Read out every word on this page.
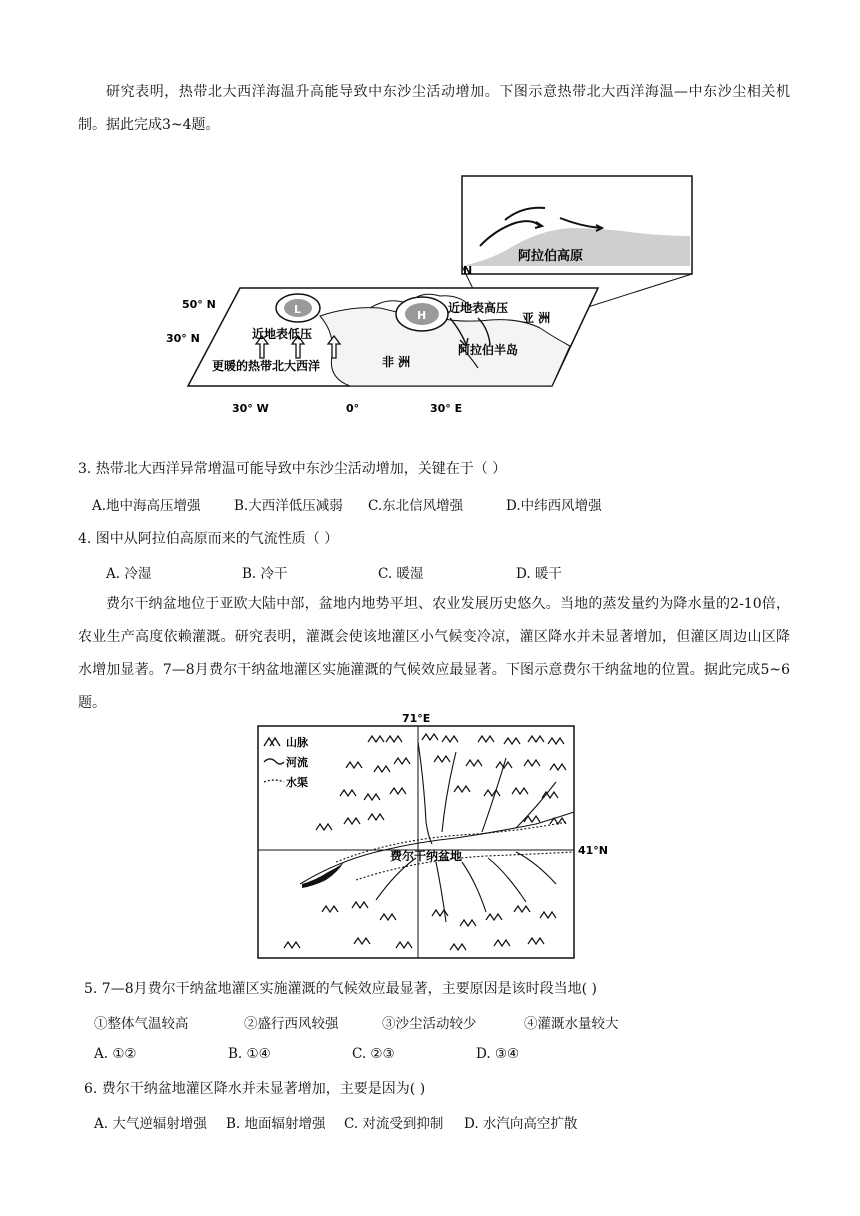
研究表明，热带北大西洋海温升高能导致中东沙尘活动增加。下图示意热带北大西洋海温—中东沙尘相关机制。据此完成3~4题。

阿拉伯高原
N
L	H
50° N
30° N
30° W	0°	30° E
近地表低压
近地表高压
更暖的热带北大西洋
亚 洲
非 洲
阿拉伯半岛
3. 热带北大西洋异常增温可能导致中东沙尘活动增加，关键在于（ ）
A.地中海高压增强 B.大西洋低压减弱 C.东北信风增强	D.中纬西风增强
4. 图中从阿拉伯高原而来的气流性质（ ）
A. 冷湿	B. 冷干	C. 暖湿	D. 暖干

费尔干纳盆地位于亚欧大陆中部，盆地内地势平坦、农业发展历史悠久。当地的蒸发量约为降水量的2-10倍，农业生产高度依赖灌溉。研究表明，灌溉会使该地灌区小气候变冷凉，灌区降水并未显著增加，但灌区周边山区降水增加显著。7—8月费尔干纳盆地灌区实施灌溉的气候效应最显著。下图示意费尔干纳盆地的位置。据此完成5~6题。

71°E
41°N
山脉
河流
水渠
费尔干纳盆地
5. 7—8月费尔干纳盆地灌区实施灌溉的气候效应最显著，主要原因是该时段当地( )
①整体气温较高	②盛行西风较强	③沙尘活动较少	④灌溉水量较大
A. ①②	B. ①④	C. ②③	D. ③④
6. 费尔干纳盆地灌区降水并未显著增加，主要是因为( )
A. 大气逆辐射增强 B. 地面辐射增强 C. 对流受到抑制 D. 水汽向高空扩散
